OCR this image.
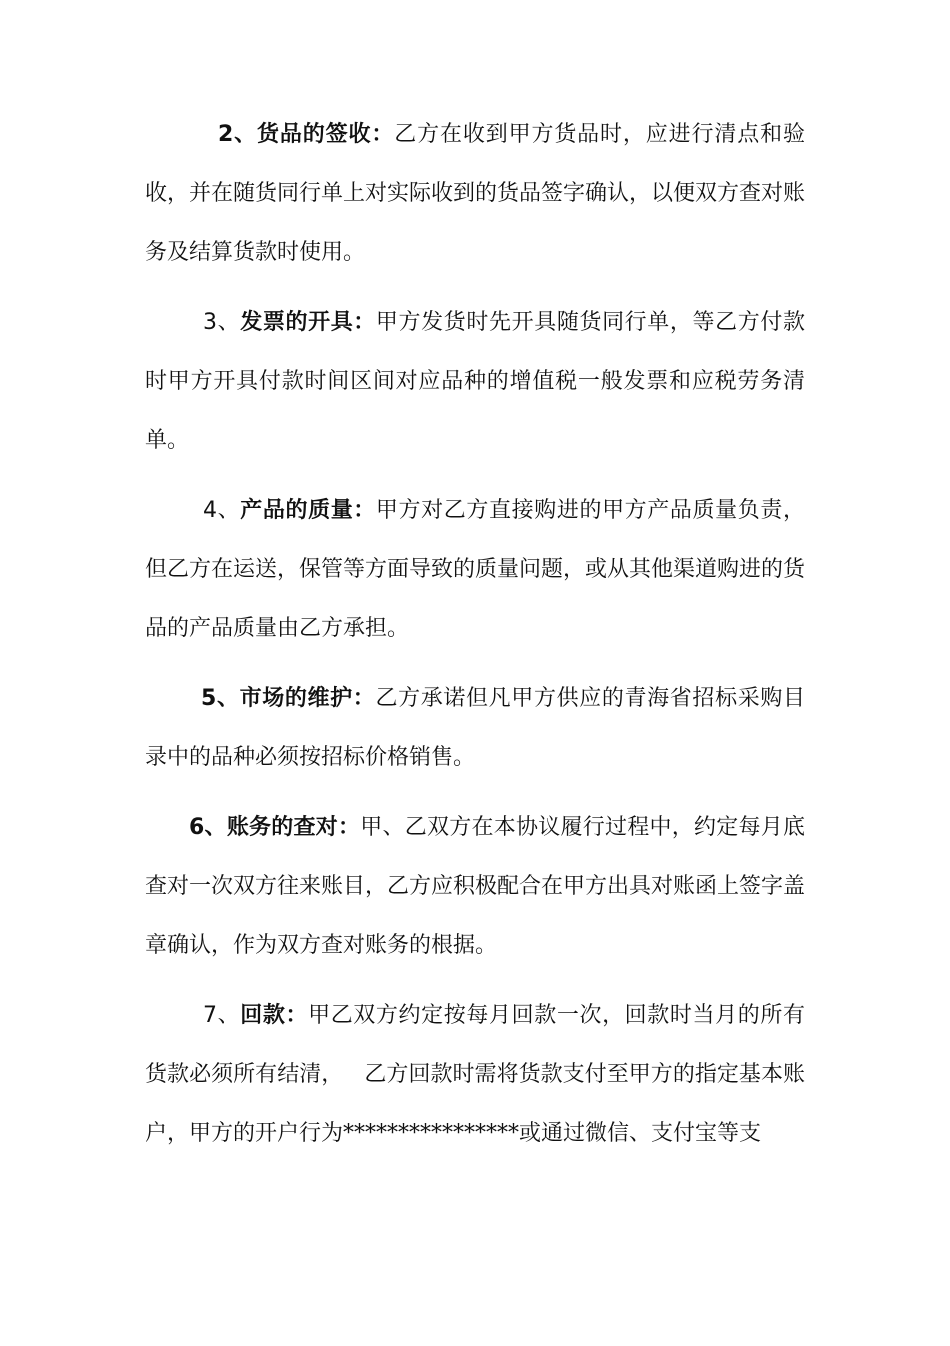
2、货品的签收：乙方在收到甲方货品时，应进行清点和验收，并在随货同行单上对实际收到的货品签字确认，以便双方查对账务及结算货款时使用。

3、发票的开具：甲方发货时先开具随货同行单，等乙方付款时甲方开具付款时间区间对应品种的增值税一般发票和应税劳务清单。

4、产品的质量：甲方对乙方直接购进的甲方产品质量负责，但乙方在运送，保管等方面导致的质量问题，或从其他渠道购进的货品的产品质量由乙方承担。

5、市场的维护：乙方承诺但凡甲方供应的青海省招标采购目录中的品种必须按招标价格销售。

6、账务的查对：甲、乙双方在本协议履行过程中，约定每月底查对一次双方往来账目，乙方应积极配合在甲方出具对账函上签字盖章确认，作为双方查对账务的根据。

7、回款：甲乙双方约定按每月回款一次，回款时当月的所有货款必须所有结清，   乙方回款时需将货款支付至甲方的指定基本账户，甲方的开户行为****************或通过微信、支付宝等支
